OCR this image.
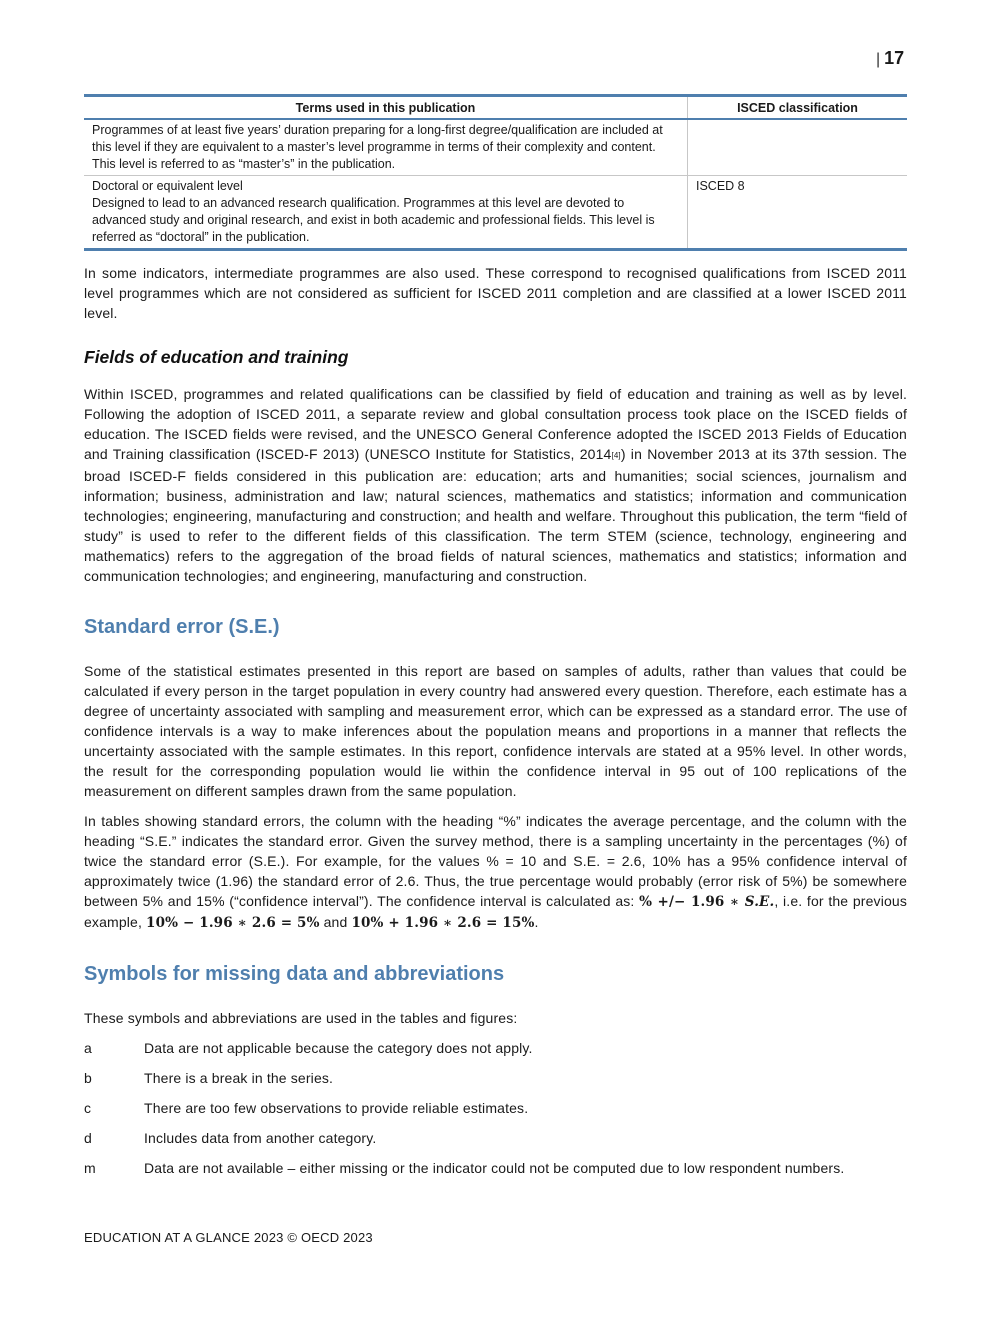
| 17
Terms used in this publication	ISCED classification

Programmes of at least five years’ duration preparing for a long-first degree/qualification are included at this level if they are equivalent to a master’s level programme in terms of their complexity and content. This level is referred to as “master’s” in the publication.	

Doctoral or equivalent level
Designed to lead to an advanced research qualification. Programmes at this level are devoted to advanced study and original research, and exist in both academic and professional fields. This level is referred as “doctoral” in the publication.	ISCED 8

In some indicators, intermediate programmes are also used. These correspond to recognised qualifications from ISCED 2011 level programmes which are not considered as sufficient for ISCED 2011 completion and are classified at a lower ISCED 2011 level.

Fields of education and training

Within ISCED, programmes and related qualifications can be classified by field of education and training as well as by level. Following the adoption of ISCED 2011, a separate review and global consultation process took place on the ISCED fields of education. The ISCED fields were revised, and the UNESCO General Conference adopted the ISCED 2013 Fields of Education and Training classification (ISCED-F 2013) (UNESCO Institute for Statistics, 2014[4]) in November 2013 at its 37th session. The broad ISCED-F fields considered in this publication are: education; arts and humanities; social sciences, journalism and information; business, administration and law; natural sciences, mathematics and statistics; information and communication technologies; engineering, manufacturing and construction; and health and welfare. Throughout this publication, the term “field of study” is used to refer to the different fields of this classification. The term STEM (science, technology, engineering and mathematics) refers to the aggregation of the broad fields of natural sciences, mathematics and statistics; information and communication technologies; and engineering, manufacturing and construction.

Standard error (S.E.)

Some of the statistical estimates presented in this report are based on samples of adults, rather than values that could be calculated if every person in the target population in every country had answered every question. Therefore, each estimate has a degree of uncertainty associated with sampling and measurement error, which can be expressed as a standard error. The use of confidence intervals is a way to make inferences about the population means and proportions in a manner that reflects the uncertainty associated with the sample estimates. In this report, confidence intervals are stated at a 95% level. In other words, the result for the corresponding population would lie within the confidence interval in 95 out of 100 replications of the measurement on different samples drawn from the same population.

In tables showing standard errors, the column with the heading “%” indicates the average percentage, and the column with the heading “S.E.” indicates the standard error. Given the survey method, there is a sampling uncertainty in the percentages (%) of twice the standard error (S.E.). For example, for the values % = 10 and S.E. = 2.6, 10% has a 95% confidence interval of approximately twice (1.96) the standard error of 2.6. Thus, the true percentage would probably (error risk of 5%) be somewhere between 5% and 15% (“confidence interval”). The confidence interval is calculated as: % +/− 1.96 ∗ S.E., i.e. for the previous example, 10% − 1.96 ∗ 2.6 = 5% and 10% + 1.96 ∗ 2.6 = 15%.

Symbols for missing data and abbreviations

These symbols and abbreviations are used in the tables and figures:

a	Data are not applicable because the category does not apply.
b	There is a break in the series.
c	There are too few observations to provide reliable estimates.
d	Includes data from another category.
m	Data are not available – either missing or the indicator could not be computed due to low respondent numbers.
EDUCATION AT A GLANCE 2023 © OECD 2023
